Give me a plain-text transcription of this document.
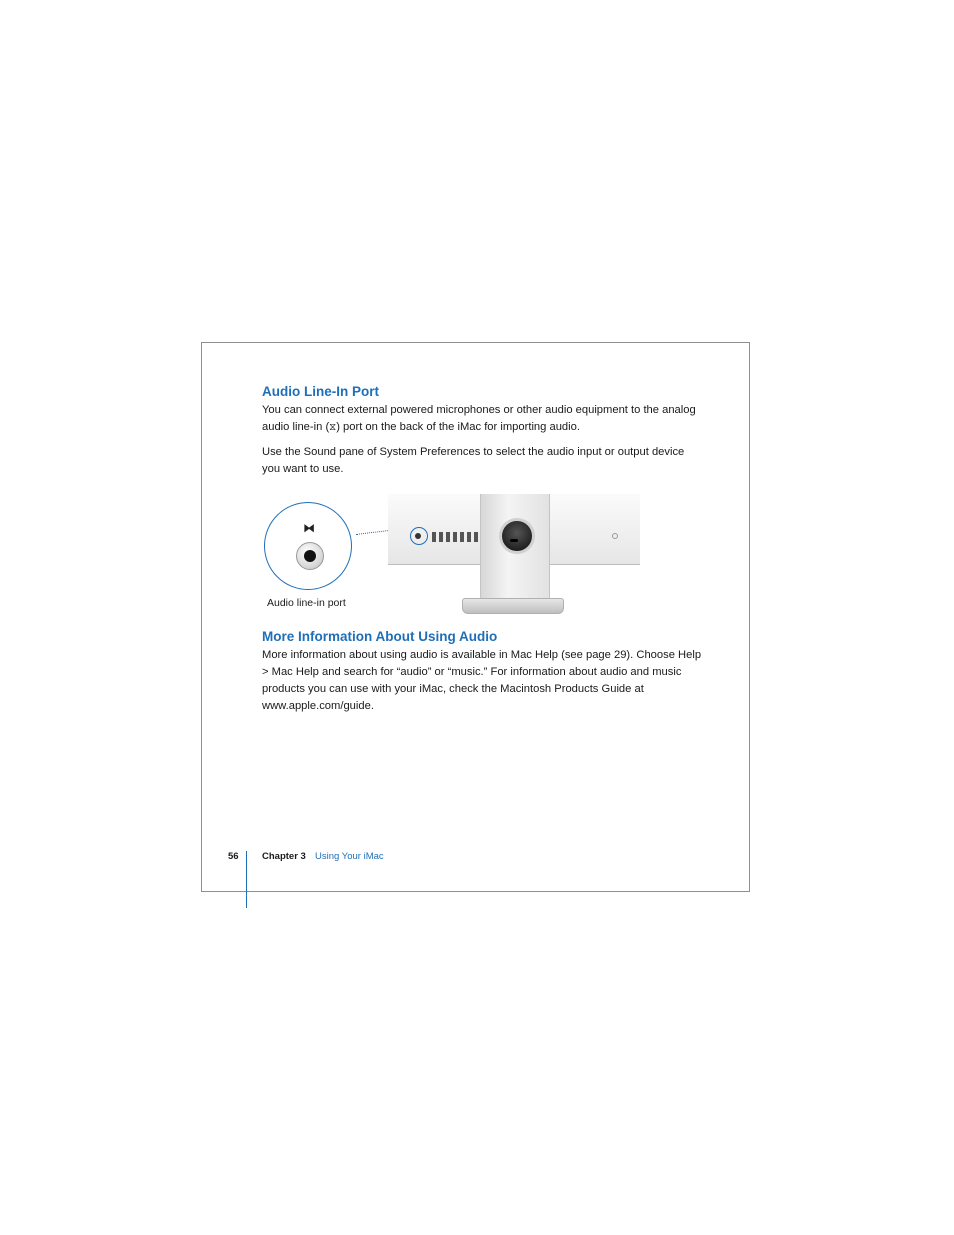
Audio Line-In Port

You can connect external powered microphones or other audio equipment to the analog audio line-in (⧖) port on the back of the iMac for importing audio.

Use the Sound pane of System Preferences to select the audio input or output device you want to use.

⧓
Audio line-in port
More Information About Using Audio

More information about using audio is available in Mac Help (see page 29). Choose Help > Mac Help and search for “audio” or “music.” For information about audio and music products you can use with your iMac, check the Macintosh Products Guide at www.apple.com/guide.

56 Chapter 3 Using Your iMac
